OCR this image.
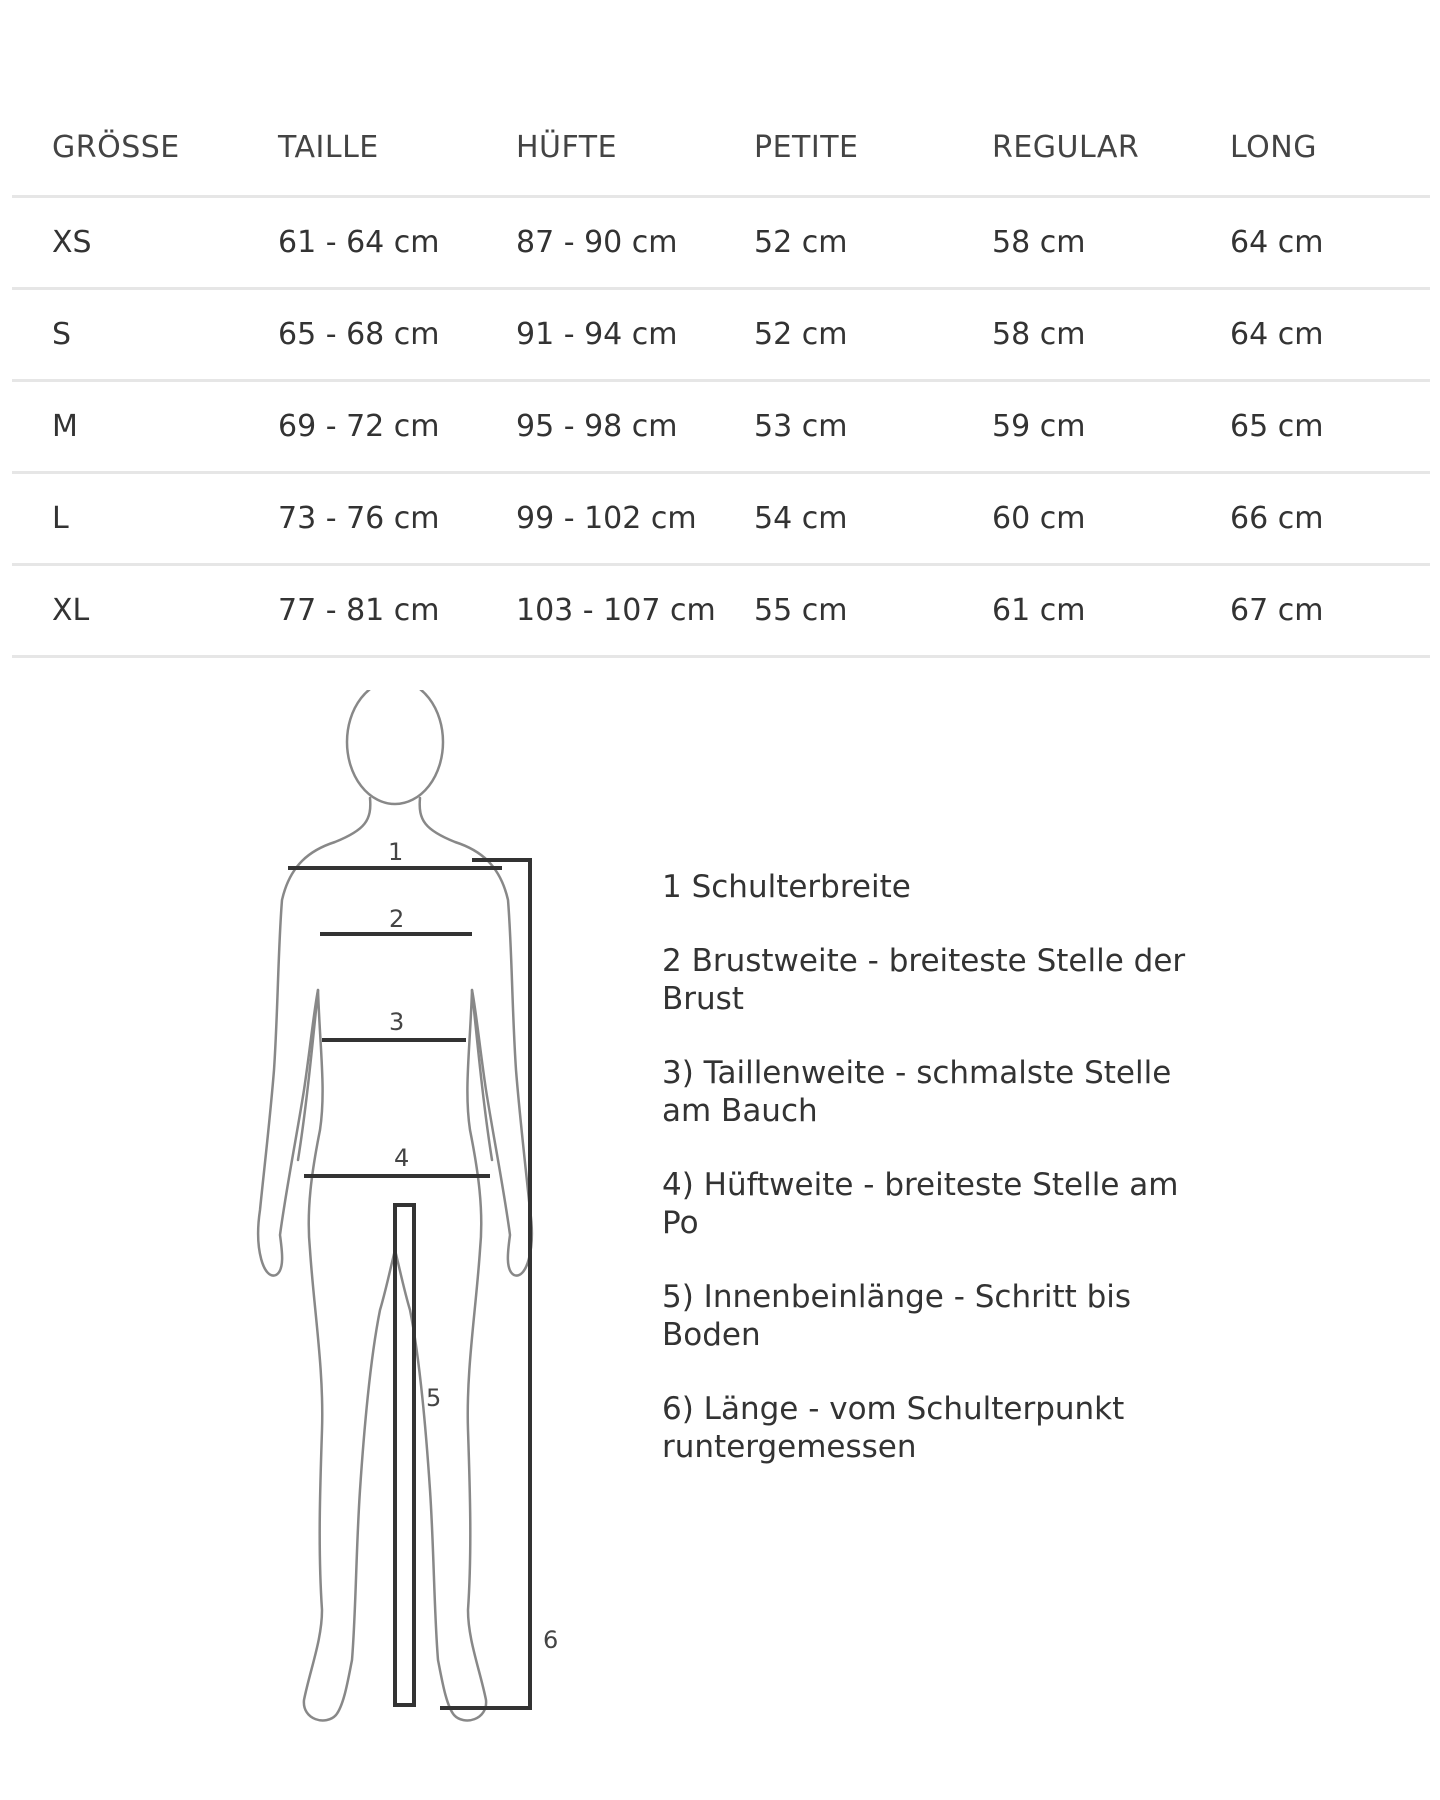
GRÖSSE	TAILLE	HÜFTE	PETITE	REGULAR	LONG
XS	61 - 64 cm	87 - 90 cm	52 cm	58 cm	64 cm
S	65 - 68 cm	91 - 94 cm	52 cm	58 cm	64 cm
M	69 - 72 cm	95 - 98 cm	53 cm	59 cm	65 cm
L	73 - 76 cm	99 - 102 cm	54 cm	60 cm	66 cm
XL	77 - 81 cm	103 - 107 cm	55 cm	61 cm	67 cm
1
2
3
4
5
6
1 Schulterbreite
2 Brustweite - breiteste Stelle der Brust
3) Taillenweite - schmalste Stelle am Bauch
4) Hüftweite - breiteste Stelle am Po
5) Innenbeinlänge - Schritt bis Boden
6) Länge - vom Schulterpunkt runtergemessen
